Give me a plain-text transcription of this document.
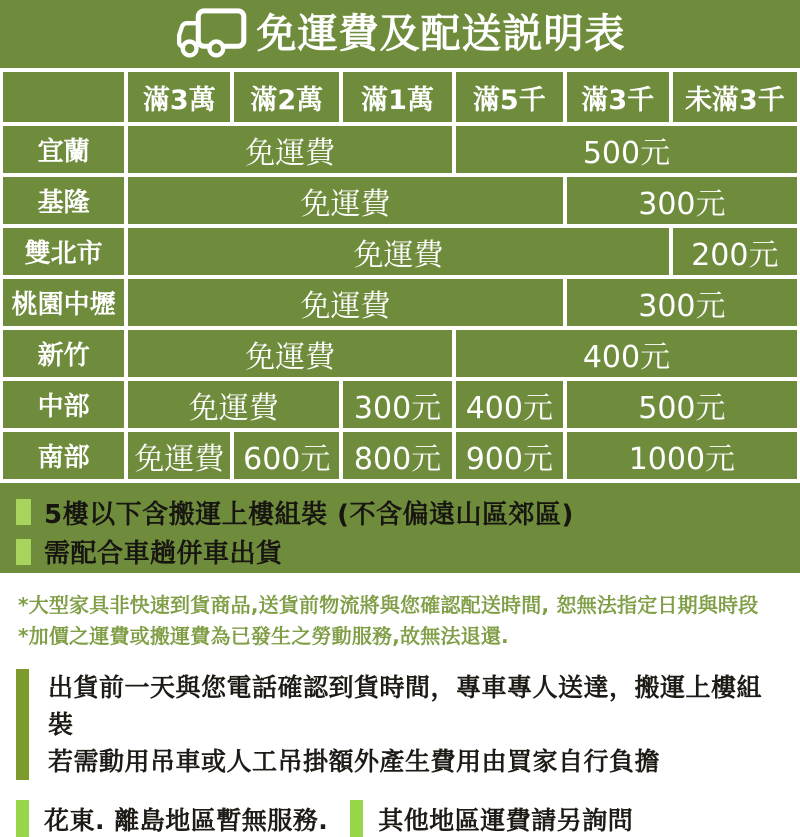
免運費及配送説明表
滿3萬	滿2萬	滿1萬	滿5千	滿3千	未滿3千
宜蘭	免運費	500元
基隆	免運費	300元
雙北市	免運費	200元
桃園中壢	免運費	300元
新竹	免運費	400元
中部	免運費	300元 400元	500元
南部	免運費 600元 800元 900元	1000元
5樓以下含搬運上樓組裝 (不含偏遠山區郊區)
需配合車趟併車出貨
*大型家具非快速到貨商品,送貨前物流將與您確認配送時間, 恕無法指定日期與時段
*加價之運費或搬運費為已發生之勞動服務,故無法退還.
出貨前一天與您電話確認到貨時間，專車專人送達，搬運上樓組裝
若需動用吊車或人工吊掛額外產生費用由買家自行負擔
花東. 離島地區暫無服務. 其他地區運費請另詢問
